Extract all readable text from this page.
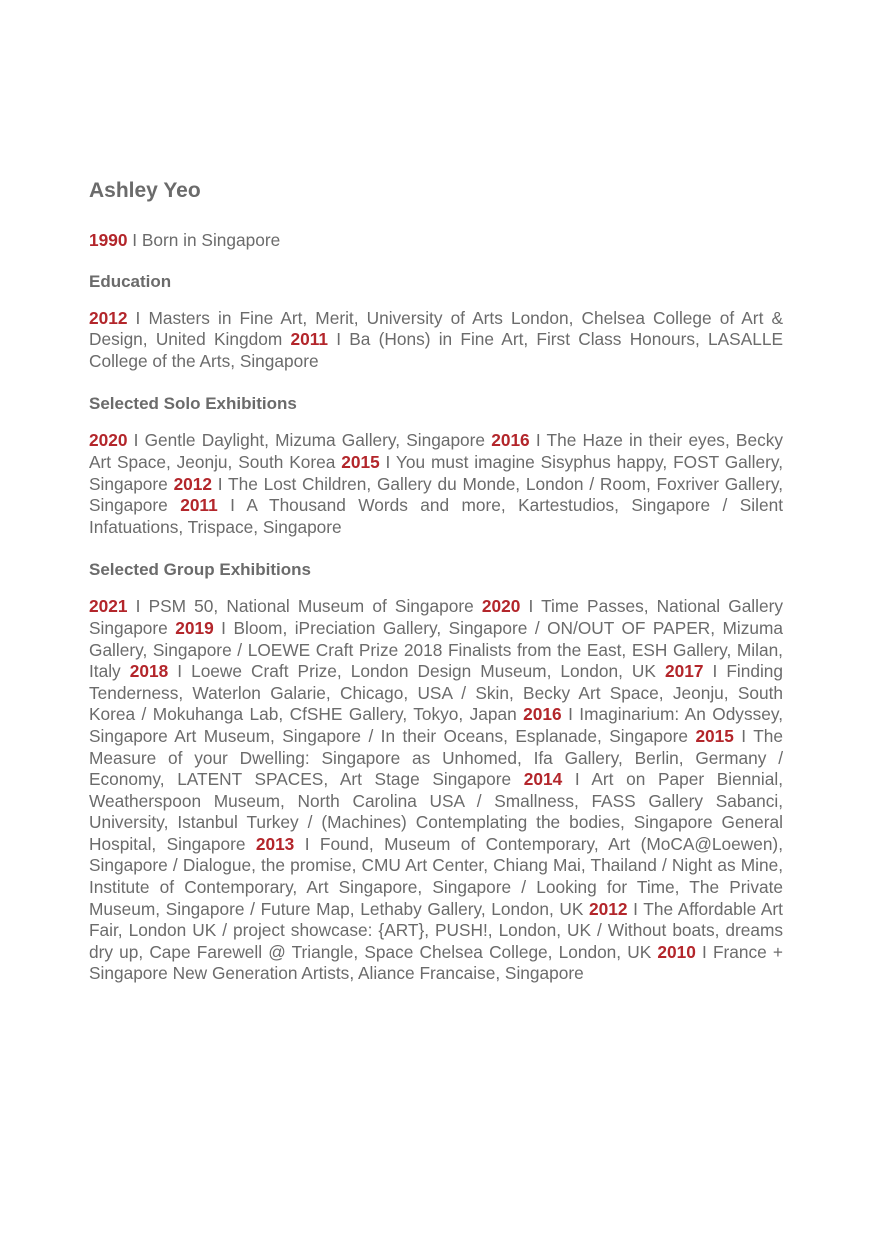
Ashley Yeo
1990 I Born in Singapore
Education
2012 I Masters in Fine Art, Merit, University of Arts London, Chelsea College of Art & Design, United Kingdom 2011 I Ba (Hons) in Fine Art, First Class Honours, LASALLE College of the Arts, Singapore
Selected Solo Exhibitions
2020 I Gentle Daylight, Mizuma Gallery, Singapore 2016 I The Haze in their eyes, Becky Art Space, Jeonju, South Korea 2015 I You must imagine Sisyphus happy, FOST Gallery, Singapore 2012 I The Lost Children, Gallery du Monde, London / Room, Foxriver Gallery, Singapore 2011 I A Thousand Words and more, Kartestudios, Singapore / Silent Infatuations, Trispace, Singapore
Selected Group Exhibitions
2021 I PSM 50, National Museum of Singapore 2020 I Time Passes, National Gallery Singapore 2019 I Bloom, iPreciation Gallery, Singapore / ON/OUT OF PAPER, Mizuma Gallery, Singapore / LOEWE Craft Prize 2018 Finalists from the East, ESH Gallery, Milan, Italy 2018 I Loewe Craft Prize, London Design Museum, London, UK 2017 I Finding Tenderness, Waterlon Galarie, Chicago, USA / Skin, Becky Art Space, Jeonju, South Korea / Mokuhanga Lab, CfSHE Gallery, Tokyo, Japan 2016 I Imaginarium: An Odyssey, Singapore Art Museum, Singapore / In their Oceans, Esplanade, Singapore 2015 I The Measure of your Dwelling: Singapore as Unhomed, Ifa Gallery, Berlin, Germany / Economy, LATENT SPACES, Art Stage Singapore 2014 I Art on Paper Biennial, Weatherspoon Museum, North Carolina USA / Smallness, FASS Gallery Sabanci, University, Istanbul Turkey / (Machines) Contemplating the bodies, Singapore General Hospital, Singapore 2013 I Found, Museum of Contemporary, Art (MoCA@Loewen), Singapore / Dialogue, the promise, CMU Art Center, Chiang Mai, Thailand / Night as Mine, Institute of Contemporary, Art Singapore, Singapore / Looking for Time, The Private Museum, Singapore / Future Map, Lethaby Gallery, London, UK 2012 I The Affordable Art Fair, London UK / project showcase: {ART}, PUSH!, London, UK / Without boats, dreams dry up, Cape Farewell @ Triangle, Space Chelsea College, London, UK 2010 I France + Singapore New Generation Artists, Aliance Francaise, Singapore
